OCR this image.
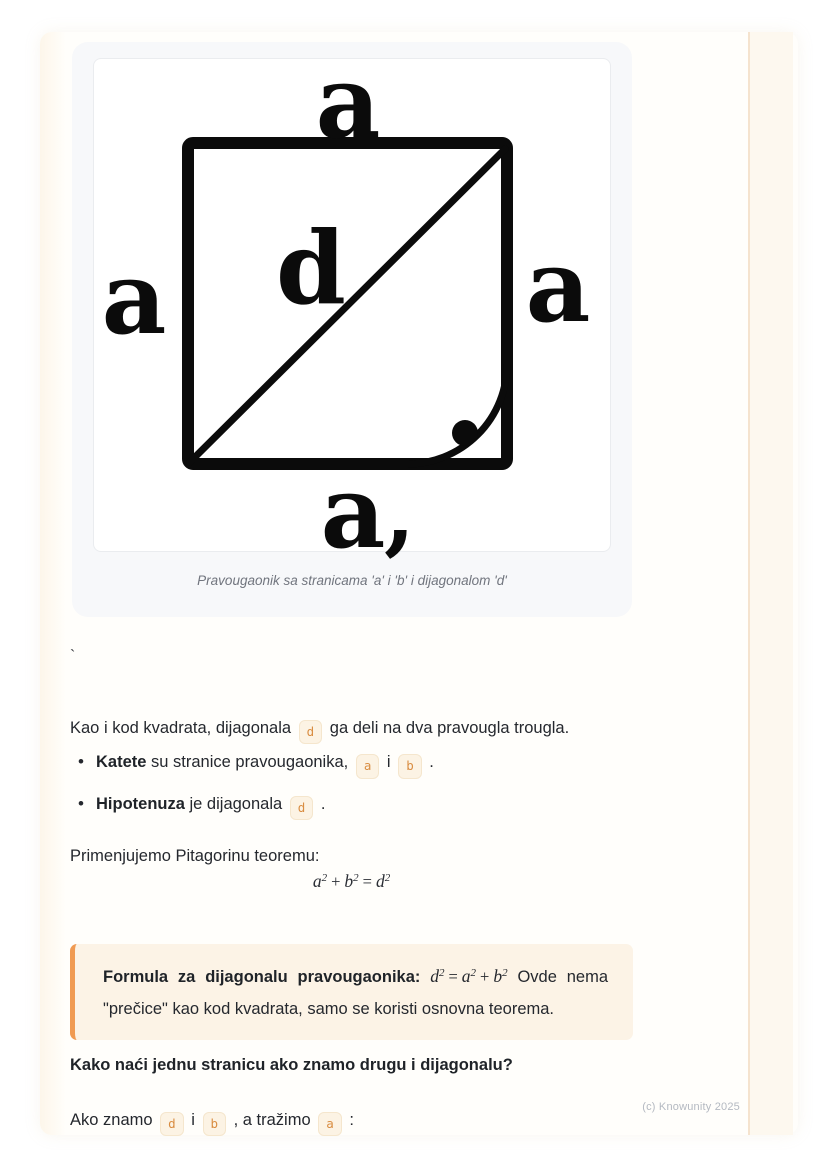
(c) Knowunity 2025
a
a	a
d
a
,
Pravougaonik sa stranicama 'a' i 'b' i dijagonalom 'd'
`

Kao i kod kvadrata, dijagonala d ga deli na dva pravougla trougla.

• Katete su stranice pravougaonika, a i b .
• Hipotenuza je dijagonala d .

Primenjujemo Pitagorinu teoremu:

$a^2 + b^2 = d^2$
Formula za dijagonalu pravougaonika: $d^2 = a^2 + b^2$ Ovde nema "prečice" kao kod kvadrata, samo se koristi osnovna teorema.
Kako naći jednu stranicu ako znamo drugu i dijagonalu?

Ako znamo d i b , a tražimo a :
